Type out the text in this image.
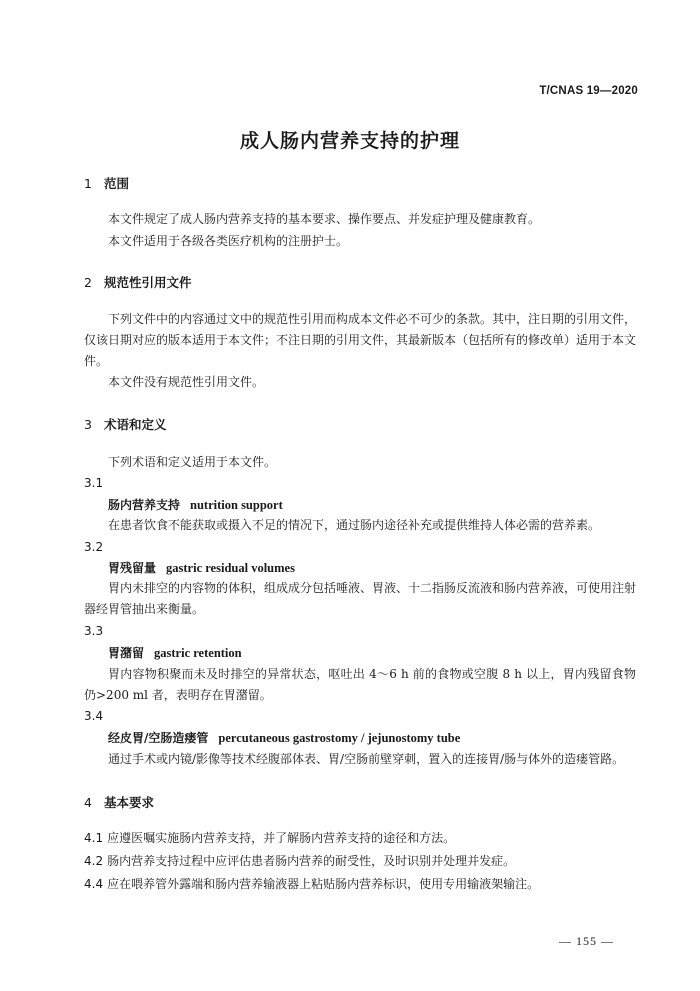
T/CNAS 19—2020
成人肠内营养支持的护理
1 范围
本文件规定了成人肠内营养支持的基本要求、操作要点、并发症护理及健康教育。
本文件适用于各级各类医疗机构的注册护士。
2 规范性引用文件
下列文件中的内容通过文中的规范性引用而构成本文件必不可少的条款。其中，注日期的引用文件，仅该日期对应的版本适用于本文件；不注日期的引用文件，其最新版本（包括所有的修改单）适用于本文件。
本文件没有规范性引用文件。
3 术语和定义
下列术语和定义适用于本文件。
3.1
肠内营养支持 nutrition support
在患者饮食不能获取或摄入不足的情况下，通过肠内途径补充或提供维持人体必需的营养素。
3.2
胃残留量 gastric residual volumes
胃内未排空的内容物的体积，组成成分包括唾液、胃液、十二指肠反流液和肠内营养液，可使用注射器经胃管抽出来衡量。
3.3
胃潴留 gastric retention
胃内容物积聚而未及时排空的异常状态，呕吐出 4～6 h 前的食物或空腹 8 h 以上，胃内残留食物仍>200 ml 者，表明存在胃潴留。
3.4
经皮胃/空肠造瘘管 percutaneous gastrostomy / jejunostomy tube
通过手术或内镜/影像等技术经腹部体表、胃/空肠前壁穿刺，置入的连接胃/肠与体外的造瘘管路。
4 基本要求
4.1 应遵医嘱实施肠内营养支持，并了解肠内营养支持的途径和方法。
4.2 肠内营养支持过程中应评估患者肠内营养的耐受性，及时识别并处理并发症。
4.4 应在喂养管外露端和肠内营养输液器上粘贴肠内营养标识，使用专用输液架输注。
— 155 —
